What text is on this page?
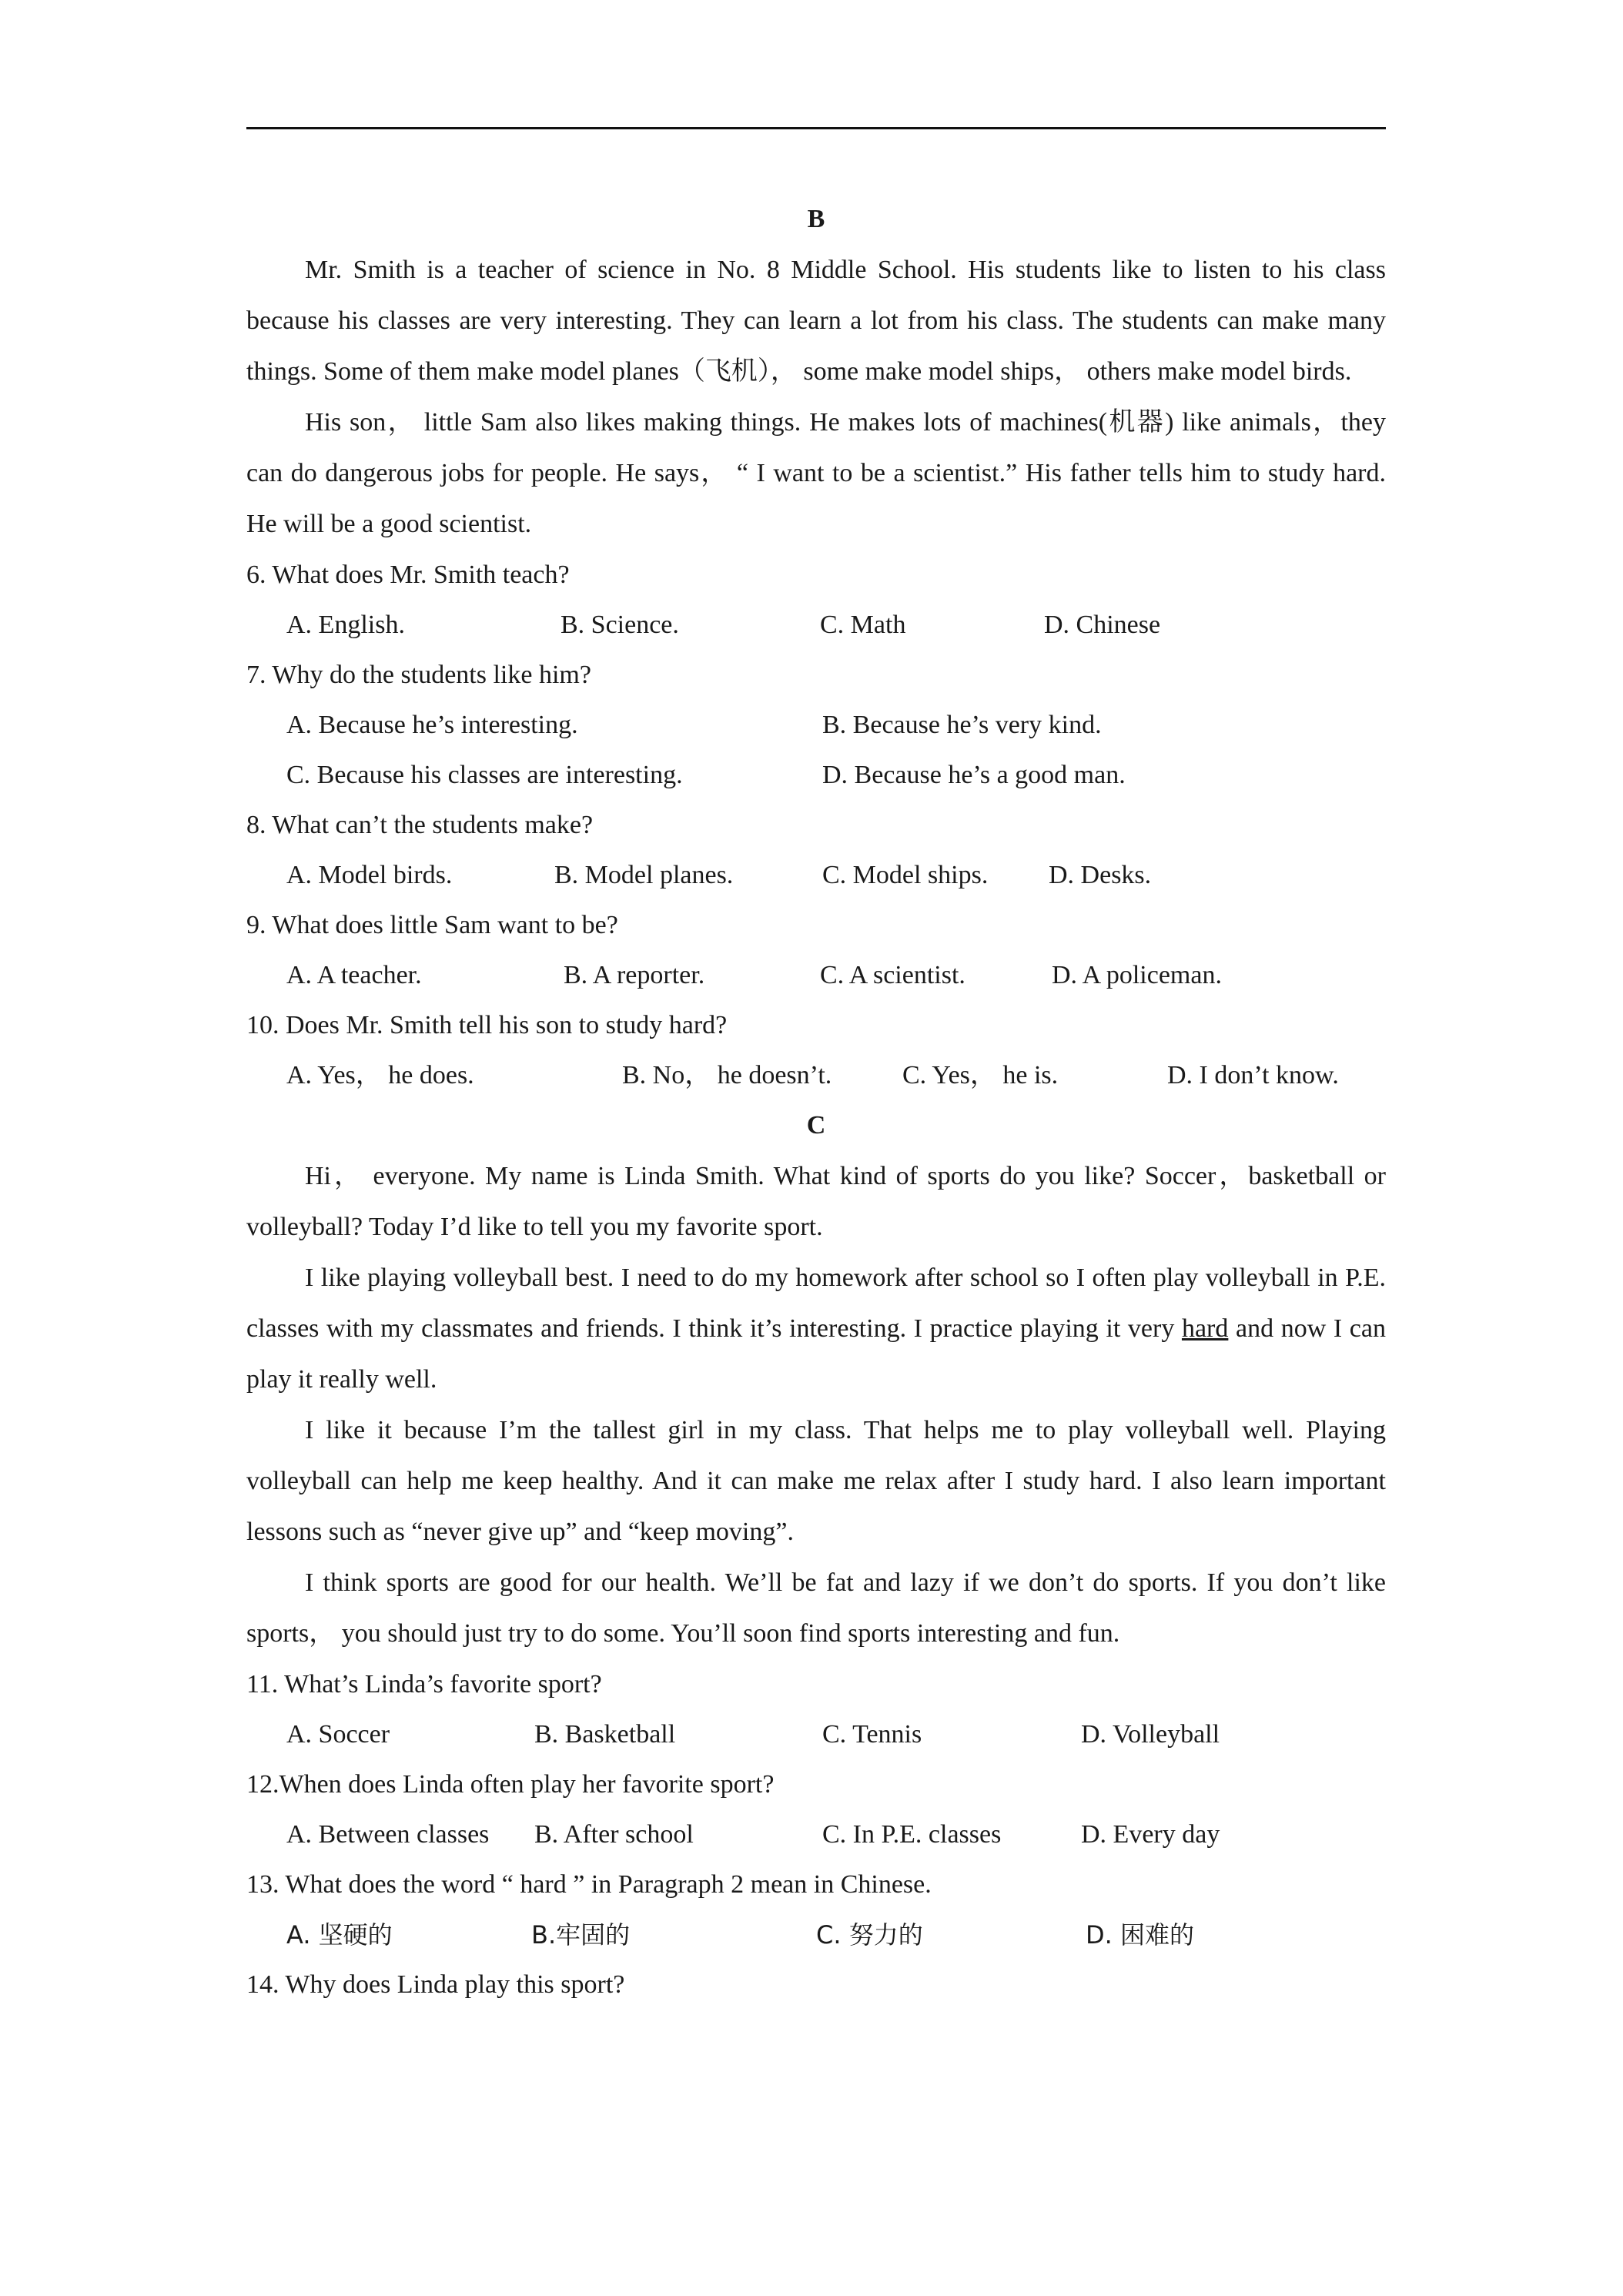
B

Mr. Smith is a teacher of science in No. 8 Middle School. His students like to listen to his class because his classes are very interesting. They can learn a lot from his class. The students can make many things. Some of them make model planes（飞机）， some make model ships， others make model birds.

His son， little Sam also likes making things. He makes lots of machines(机器) like animals，they can do dangerous jobs for people. He says， “ I want to be a scientist.” His father tells him to study hard. He will be a good scientist.

6. What does Mr. Smith teach?
A. English.	B. Science.	C. Math	D. Chinese
7. Why do the students like him?
A. Because he’s interesting.	B. Because he’s very kind.
C. Because his classes are interesting.	D. Because he’s a good man.
8. What can’t the students make?
A. Model birds.	B. Model planes.	C. Model ships. D. Desks.
9. What does little Sam want to be?
A. A teacher.	B. A reporter.	C. A scientist.	D. A policeman.
10. Does Mr. Smith tell his son to study hard?
A. Yes， he does.	B. No， he doesn’t.	C. Yes， he is.	D. I don’t know.
C

Hi， everyone. My name is Linda Smith. What kind of sports do you like? Soccer，basketball or volleyball? Today I’d like to tell you my favorite sport.

I like playing volleyball best. I need to do my homework after school so I often play volleyball in P.E. classes with my classmates and friends. I think it’s interesting. I practice playing it very hard and now I can play it really well.

I like it because I’m the tallest girl in my class. That helps me to play volleyball well. Playing volleyball can help me keep healthy. And it can make me relax after I study hard. I also learn important lessons such as “never give up” and “keep moving”.

I think sports are good for our health. We’ll be fat and lazy if we don’t do sports. If you don’t like sports， you should just try to do some. You’ll soon find sports interesting and fun.

11. What’s Linda’s favorite sport?
A. Soccer	B. Basketball	C. Tennis	D. Volleyball
12.When does Linda often play her favorite sport?
A. Between classes B. After school	C. In P.E. classes	D. Every day
13. What does the word “ hard ” in Paragraph 2 mean in Chinese.
A. 坚硬的	B.牢固的	C. 努力的	D. 困难的
14. Why does Linda play this sport?
